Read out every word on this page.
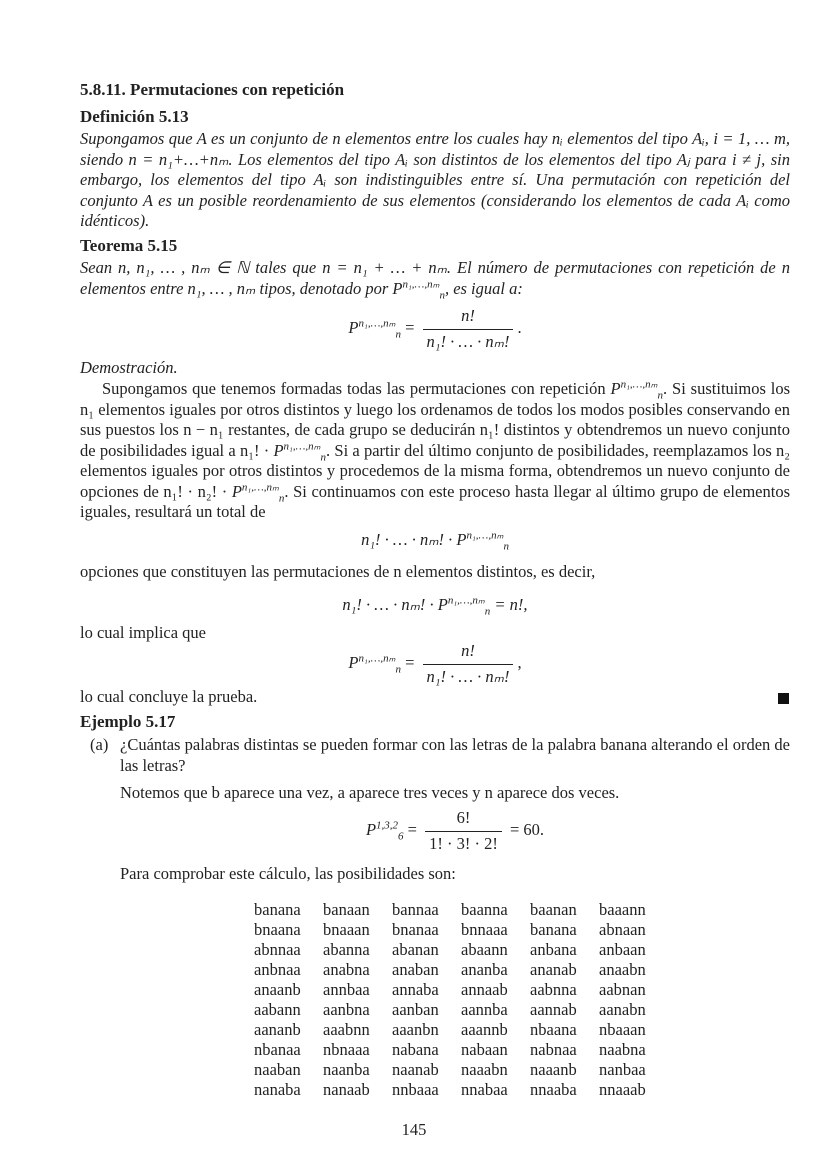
5.8.11. Permutaciones con repetición
Definición 5.13
Supongamos que A es un conjunto de n elementos entre los cuales hay nᵢ elementos del tipo Aᵢ, i = 1, … m, siendo n = n₁+…+nₘ. Los elementos del tipo Aᵢ son distintos de los elementos del tipo Aⱼ para i ≠ j, sin embargo, los elementos del tipo Aᵢ son indistinguibles entre sí. Una permutación con repetición del conjunto A es un posible reordenamiento de sus elementos (considerando los elementos de cada Aᵢ como idénticos).
Teorema 5.15
Sean n, n₁, … , nₘ ∈ ℕ tales que n = n₁ + … + nₘ. El número de permutaciones con repetición de n elementos entre n₁, … , nₘ tipos, denotado por $P^{n_1,\dots,n_m}_n$, es igual a:
$P^{n_1,\dots,n_m}_n = \frac{n!}{\text{n₁! · … · nₘ!}}$ .
Demostración.
Supongamos que tenemos formadas todas las permutaciones con repetición $P^{n_1,\dots,n_m}_n$. Si sustituimos los n₁ elementos iguales por otros distintos y luego los ordenamos de todos los modos posibles conservando en sus puestos los n − n₁ restantes, de cada grupo se deducirán n₁! distintos y obtendremos un nuevo conjunto de posibilidades igual a n₁! · $P^{n_1,\dots,n_m}_n$. Si a partir del último conjunto de posibilidades, reemplazamos los n₂ elementos iguales por otros distintos y procedemos de la misma forma, obtendremos un nuevo conjunto de opciones de n₁! · n₂! · $P^{n_1,\dots,n_m}_n$. Si continuamos con este proceso hasta llegar al último grupo de elementos iguales, resultará un total de
n₁! · … · nₘ! · $P^{n_1,\dots,n_m}_n$
opciones que constituyen las permutaciones de n elementos distintos, es decir,
n₁! · … · nₘ! · $P^{n_1,\dots,n_m}_n = n$!,
lo cual implica que
$P^{n_1,\dots,n_m}_n = \frac{n!}{\text{n₁! · … · nₘ!}}$ ,
lo cual concluye la prueba.
Ejemplo 5.17
(a) ¿Cuántas palabras distintas se pueden formar con las letras de la palabra banana alterando el orden de las letras?
Notemos que b aparece una vez, a aparece tres veces y n aparece dos veces.
$P^{1,3,2}_6 = \frac{6!}{1! \cdot 3! \cdot 2!} = 60$.
Para comprobar este cálculo, las posibilidades son:
banana	banaan	bannaa	baanna	baanan	baaann
bnaana	bnaaan	bnanaa	bnnaaa	banana	abnaan
abnnaa	abanna	abanan	abaann	anbana	anbaan
anbnaa	anabna	anaban	ananba	ananab	anaabn
anaanb	annbaa	annaba	annaab	aabnna	aabnan
aabann	aanbna	aanban	aannba	aannab	aanabn
aananb	aaabnn	aaanbn	aaannb	nbaana	nbaaan
nbanaa	nbnaaa	nabana	nabaan	nabnaa	naabna
naaban	naanba	naanab	naaabn	naaanb	nanbaa
nanaba	nanaab	nnbaaa	nnabaa	nnaaba	nnaaab
145
